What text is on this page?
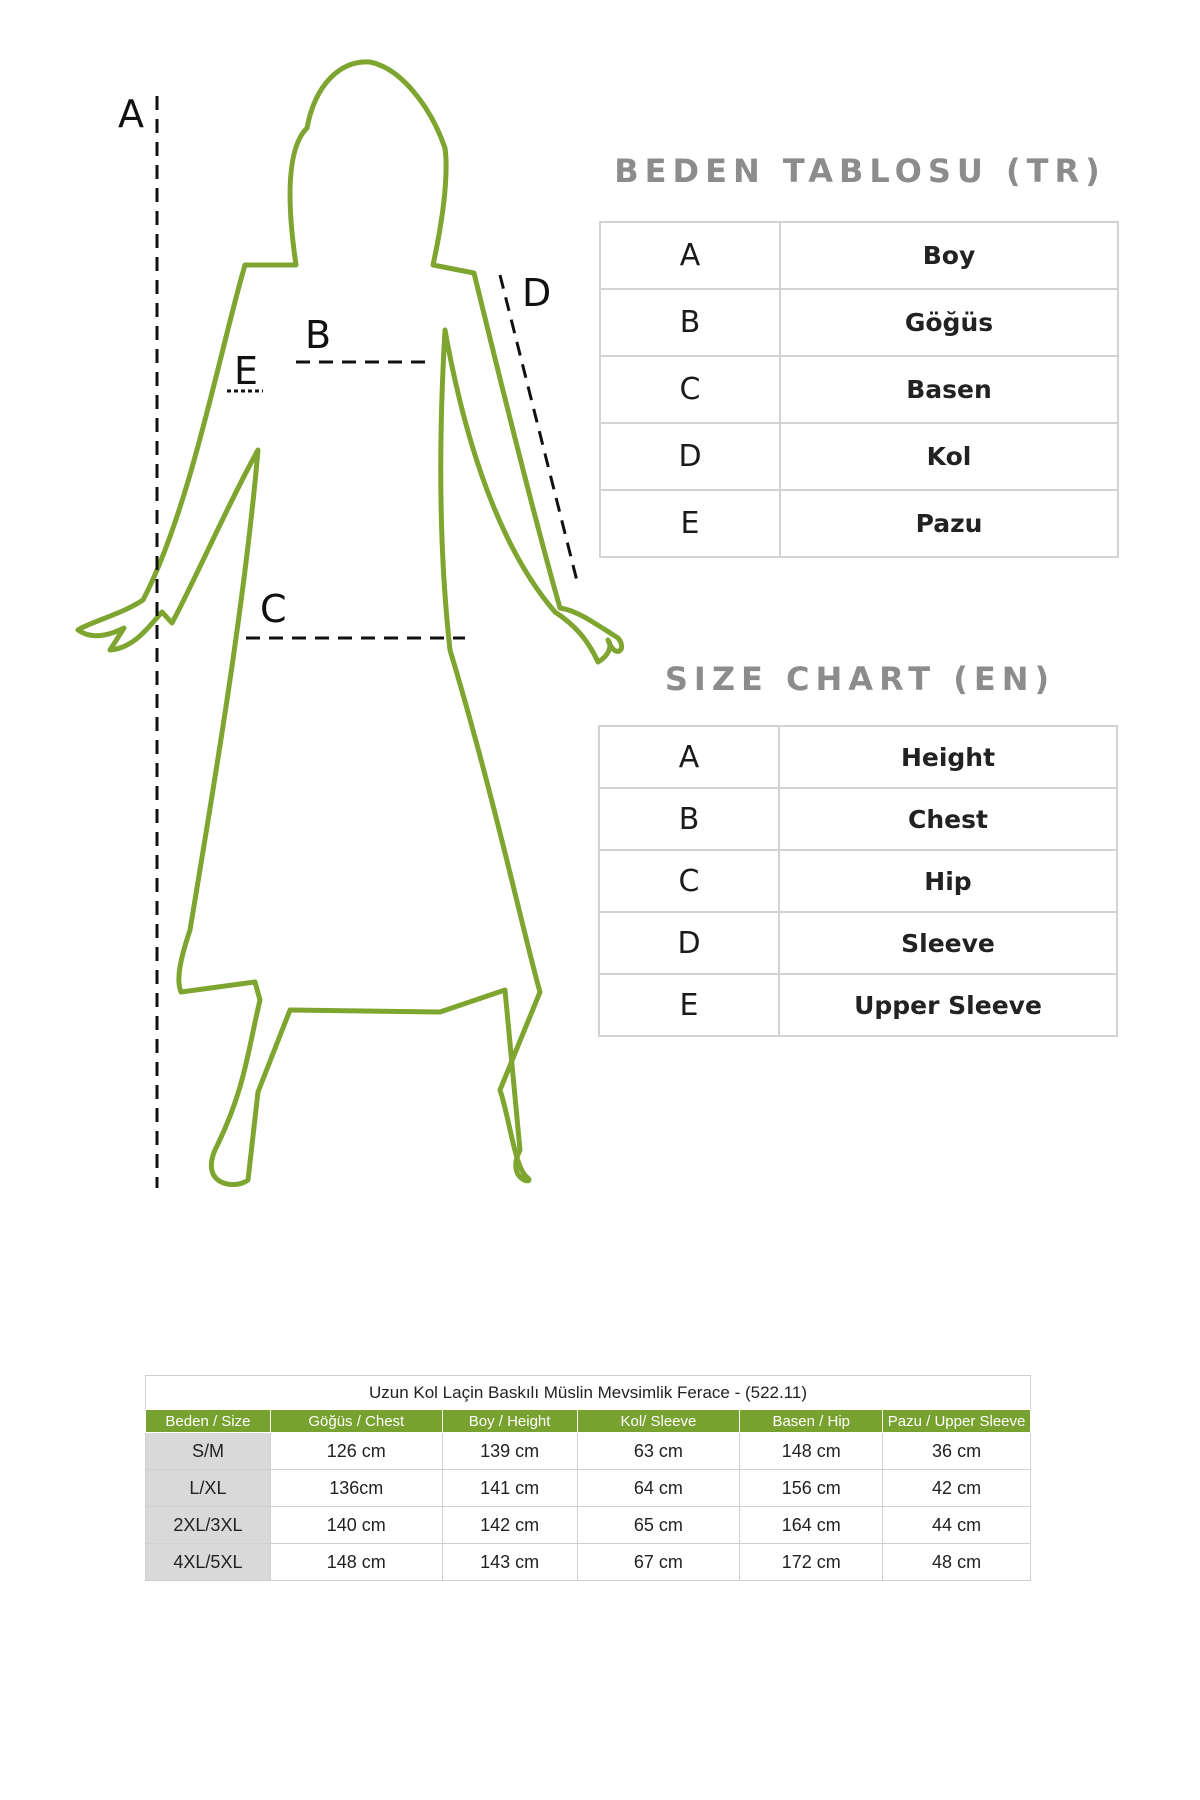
A
B
C
D
E
BEDEN TABLOSU (TR)
A	Boy
B	Göğüs
C	Basen
D	Kol
E	Pazu
SIZE CHART (EN)
A	Height
B	Chest
C	Hip
D	Sleeve
E	Upper Sleeve
Uzun Kol Laçin Baskılı Müslin Mevsimlik Ferace - (522.11)
Beden / Size	Göğüs / Chest	Boy / Height	Kol/ Sleeve	Basen / Hip	Pazu / Upper Sleeve
S/M	126 cm	139 cm	63 cm	148 cm	36 cm
L/XL	136cm	141 cm	64 cm	156 cm	42 cm
2XL/3XL	140 cm	142 cm	65 cm	164 cm	44 cm
4XL/5XL	148 cm	143 cm	67 cm	172 cm	48 cm
